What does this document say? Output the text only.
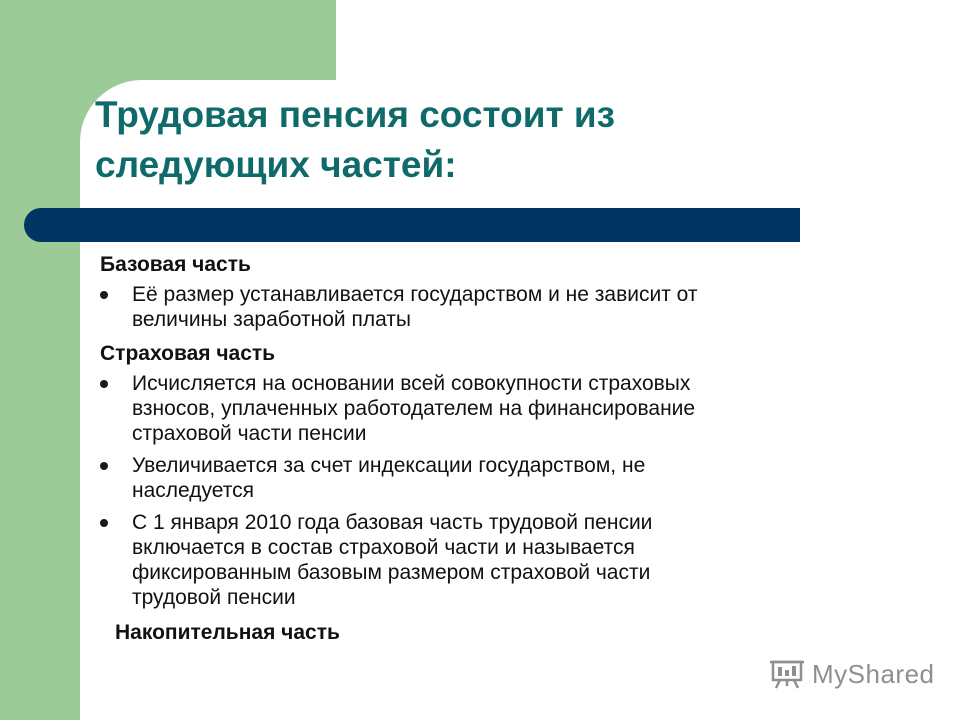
Трудовая пенсия состоит из
следующих частей:

Базовая часть

Её размер устанавливается государством и не зависит от
величины заработной платы

Страховая часть

Исчисляется на основании всей совокупности страховых
взносов, уплаченных работодателем на финансирование
страховой части пенсии
Увеличивается за счет индексации государством, не
наследуется
С 1 января 2010 года базовая часть трудовой пенсии
включается в состав страховой части и называется
фиксированным базовым размером страховой части
трудовой пенсии

Накопительная часть

MyShared
